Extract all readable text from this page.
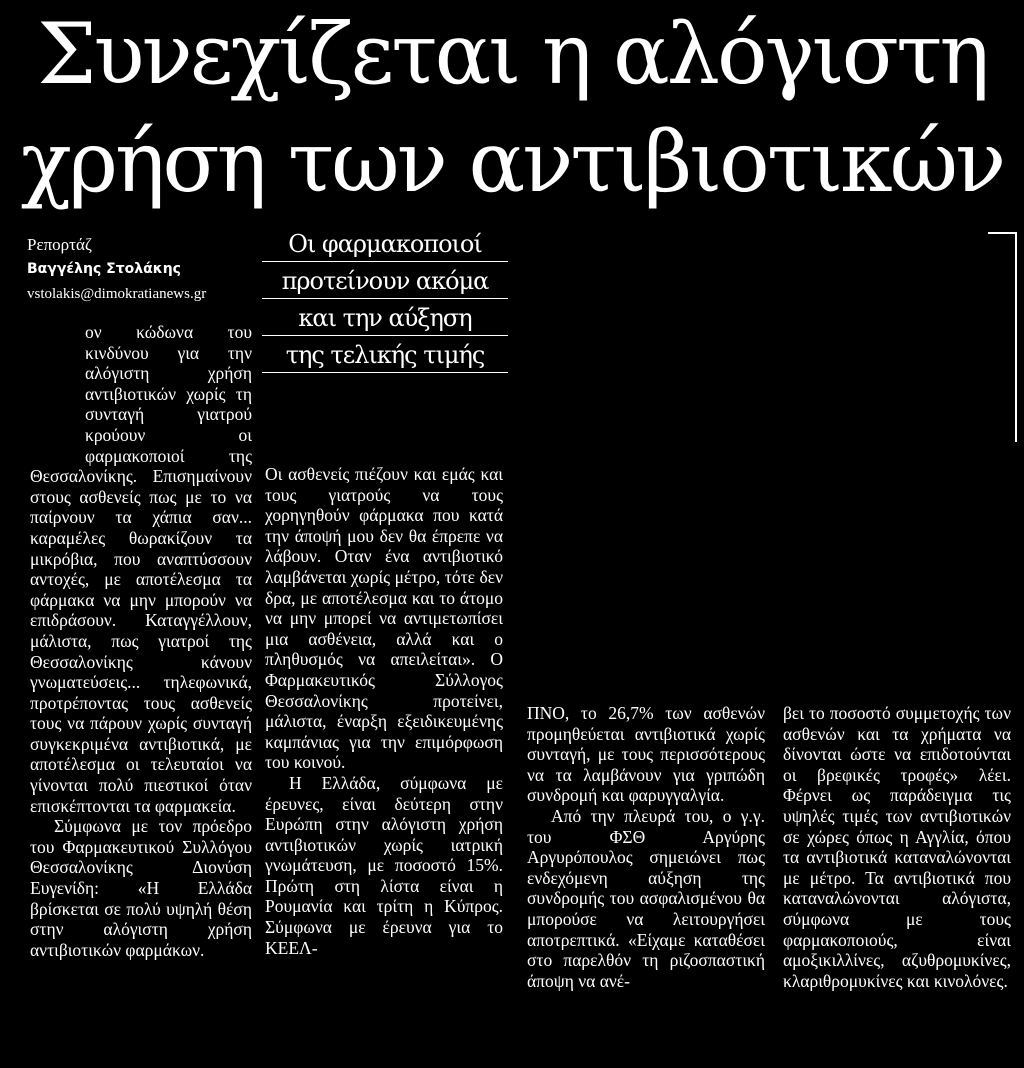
Συνεχίζεται η αλόγιστη
χρήση των αντιβιοτικών
Ρεπορτάζ
Βαγγέλης Στολάκης
vstolakis@dimokratianews.gr
Οι φαρμακοποιοί
προτείνουν ακόμα
και την αύξηση
της τελικής τιμής

ον κώδωνα του κινδύνου για την αλόγιστη χρήση αντιβιοτικών χωρίς τη συνταγή γιατρού κρούουν οι φαρμακοποιοί της Θεσσαλονίκης. Επισημαίνουν στους ασθενείς πως με το να παίρνουν τα χάπια σαν... καραμέλες θωρακίζουν τα μικρόβια, που αναπτύσσουν αντοχές, με αποτέλεσμα τα φάρμακα να μην μπορούν να επιδράσουν. Καταγγέλλουν, μάλιστα, πως γιατροί της Θεσσαλονίκης κάνουν γνωματεύσεις... τηλεφωνικά, προτρέποντας τους ασθενείς τους να πάρουν χωρίς συνταγή συγκεκριμένα αντιβιοτικά, με αποτέλεσμα οι τελευταίοι να γίνονται πολύ πιεστικοί όταν επισκέπτονται τα φαρμακεία.

Σύμφωνα με τον πρόεδρο του Φαρμακευτικού Συλλόγου Θεσσαλονίκης Διονύση Ευγενίδη: «Η Ελλάδα βρίσκεται σε πολύ υψηλή θέση στην αλόγιστη χρήση αντιβιοτικών φαρμάκων.

Οι ασθενείς πιέζουν και εμάς και τους γιατρούς να τους χορηγηθούν φάρμακα που κατά την άποψή μου δεν θα έπρεπε να λάβουν. Οταν ένα αντιβιοτικό λαμβάνεται χωρίς μέτρο, τότε δεν δρα, με αποτέλεσμα και το άτομο να μην μπορεί να αντιμετωπίσει μια ασθένεια, αλλά και ο πληθυσμός να απειλείται». Ο Φαρμακευτικός Σύλλογος Θεσσαλονίκης προτείνει, μάλιστα, έναρξη εξειδικευμένης καμπάνιας για την επιμόρφωση του κοινού.

Η Ελλάδα, σύμφωνα με έρευνες, είναι δεύτερη στην Ευρώπη στην αλόγιστη χρήση αντιβιοτικών χωρίς ιατρική γνωμάτευση, με ποσοστό 15%. Πρώτη στη λίστα είναι η Ρουμανία και τρίτη η Κύπρος. Σύμφωνα με έρευνα για το ΚΕΕΛ-

ΠΝΟ, το 26,7% των ασθενών προμηθεύεται αντιβιοτικά χωρίς συνταγή, με τους περισσότερους να τα λαμβάνουν για γριπώδη συνδρομή και φαρυγγαλγία.

Από την πλευρά του, ο γ.γ. του ΦΣΘ Αργύρης Αργυρόπουλος σημειώνει πως ενδεχόμενη αύξηση της συνδρομής του ασφαλισμένου θα μπορούσε να λειτουργήσει αποτρεπτικά. «Είχαμε καταθέσει στο παρελθόν τη ριζοσπαστική άποψη να ανέ-

βει το ποσοστό συμμετοχής των ασθενών και τα χρήματα να δίνονται ώστε να επιδοτούνται οι βρεφικές τροφές» λέει. Φέρνει ως παράδειγμα τις υψηλές τιμές των αντιβιοτικών σε χώρες όπως η Αγγλία, όπου τα αντιβιοτικά καταναλώνονται με μέτρο. Τα αντιβιοτικά που καταναλώνονται αλόγιστα, σύμφωνα με τους φαρμακοποιούς, είναι αμοξικιλλίνες, αζυθρομυκίνες, κλαριθρομυκίνες και κινολόνες.
